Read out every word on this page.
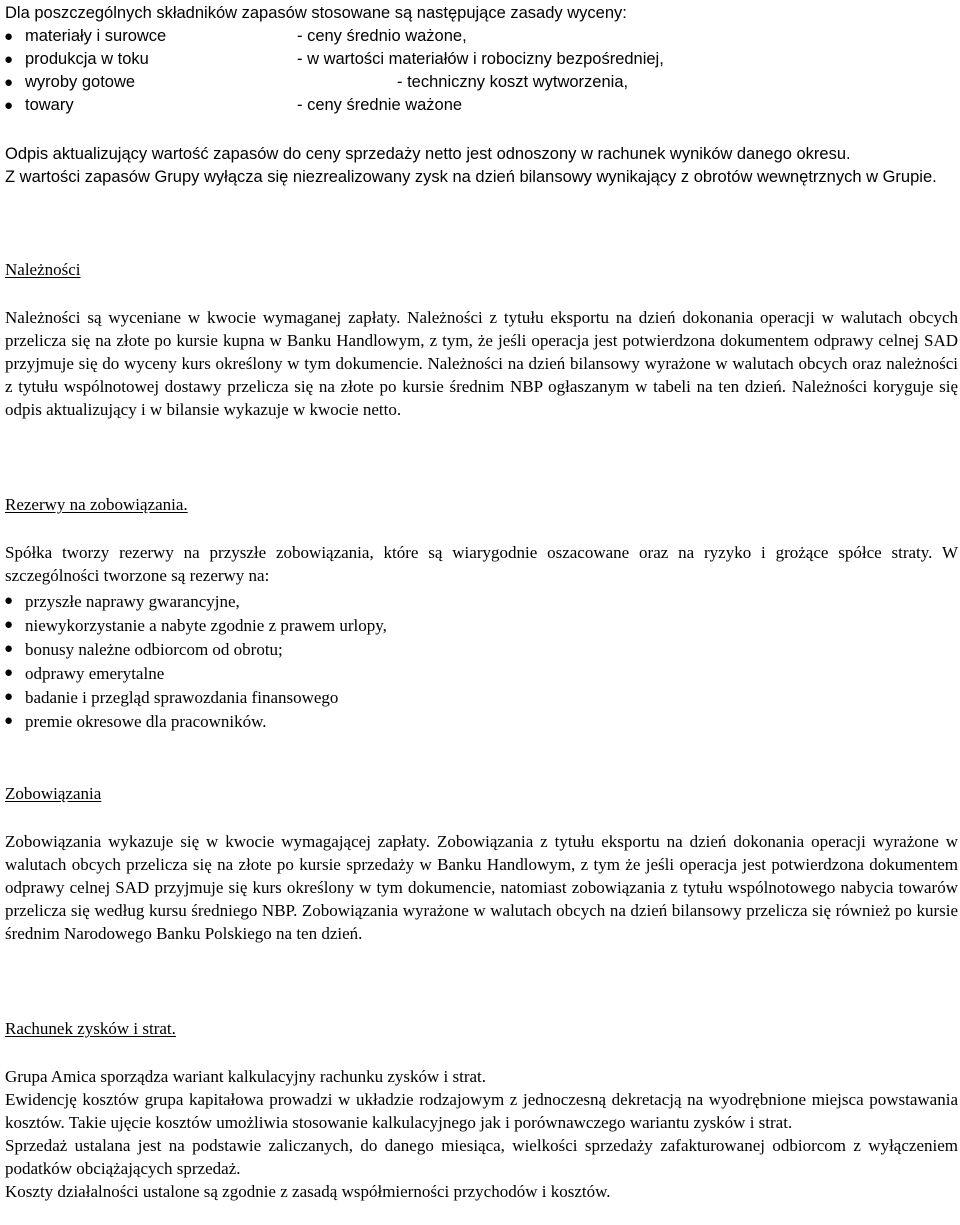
Dla poszczególnych składników zapasów stosowane są następujące zasady wyceny:
● materiały i surowce	- ceny średnio ważone,
● produkcja w toku	- w wartości materiałów i robocizny bezpośredniej,
● wyroby gotowe	- techniczny koszt wytworzenia,
● towary	- ceny średnie ważone
Odpis aktualizujący wartość zapasów do ceny sprzedaży netto jest odnoszony w rachunek wyników danego okresu.

Z wartości zapasów Grupy wyłącza się niezrealizowany zysk na dzień bilansowy wynikający z obrotów wewnętrznych w Grupie.

Należności

Należności są wyceniane w kwocie wymaganej zapłaty. Należności z tytułu eksportu na dzień dokonania operacji w walutach obcych przelicza się na złote po kursie kupna w Banku Handlowym, z tym, że jeśli operacja jest potwierdzona dokumentem odprawy celnej SAD przyjmuje się do wyceny kurs określony w tym dokumencie. Należności na dzień bilansowy wyrażone w walutach obcych oraz należności z tytułu wspólnotowej dostawy przelicza się na złote po kursie średnim NBP ogłaszanym w tabeli na ten dzień. Należności koryguje się odpis aktualizujący i w bilansie wykazuje w kwocie netto.

Rezerwy na zobowiązania.

Spółka tworzy rezerwy na przyszłe zobowiązania, które są wiarygodnie oszacowane oraz na ryzyko i grożące spółce straty. W szczególności tworzone są rezerwy na:

● przyszłe naprawy gwarancyjne,
● niewykorzystanie a nabyte zgodnie z prawem urlopy,
● bonusy należne odbiorcom od obrotu;
● odprawy emerytalne
● badanie i przegląd sprawozdania finansowego
● premie okresowe dla pracowników.
Zobowiązania

Zobowiązania wykazuje się w kwocie wymagającej zapłaty. Zobowiązania z tytułu eksportu na dzień dokonania operacji wyrażone w walutach obcych przelicza się na złote po kursie sprzedaży w Banku Handlowym, z tym że jeśli operacja jest potwierdzona dokumentem odprawy celnej SAD przyjmuje się kurs określony w tym dokumencie, natomiast zobowiązania z tytułu wspólnotowego nabycia towarów przelicza się według kursu średniego NBP. Zobowiązania wyrażone w walutach obcych na dzień bilansowy przelicza się również po kursie średnim Narodowego Banku Polskiego na ten dzień.

Rachunek zysków i strat.

Grupa Amica sporządza wariant kalkulacyjny rachunku zysków i strat.

Ewidencję kosztów grupa kapitałowa prowadzi w układzie rodzajowym z jednoczesną dekretacją na wyodrębnione miejsca powstawania kosztów. Takie ujęcie kosztów umożliwia stosowanie kalkulacyjnego jak i porównawczego wariantu zysków i strat.

Sprzedaż ustalana jest na podstawie zaliczanych, do danego miesiąca, wielkości sprzedaży zafakturowanej odbiorcom z wyłączeniem podatków obciążających sprzedaż.

Koszty działalności ustalone są zgodnie z zasadą współmierności przychodów i kosztów.
